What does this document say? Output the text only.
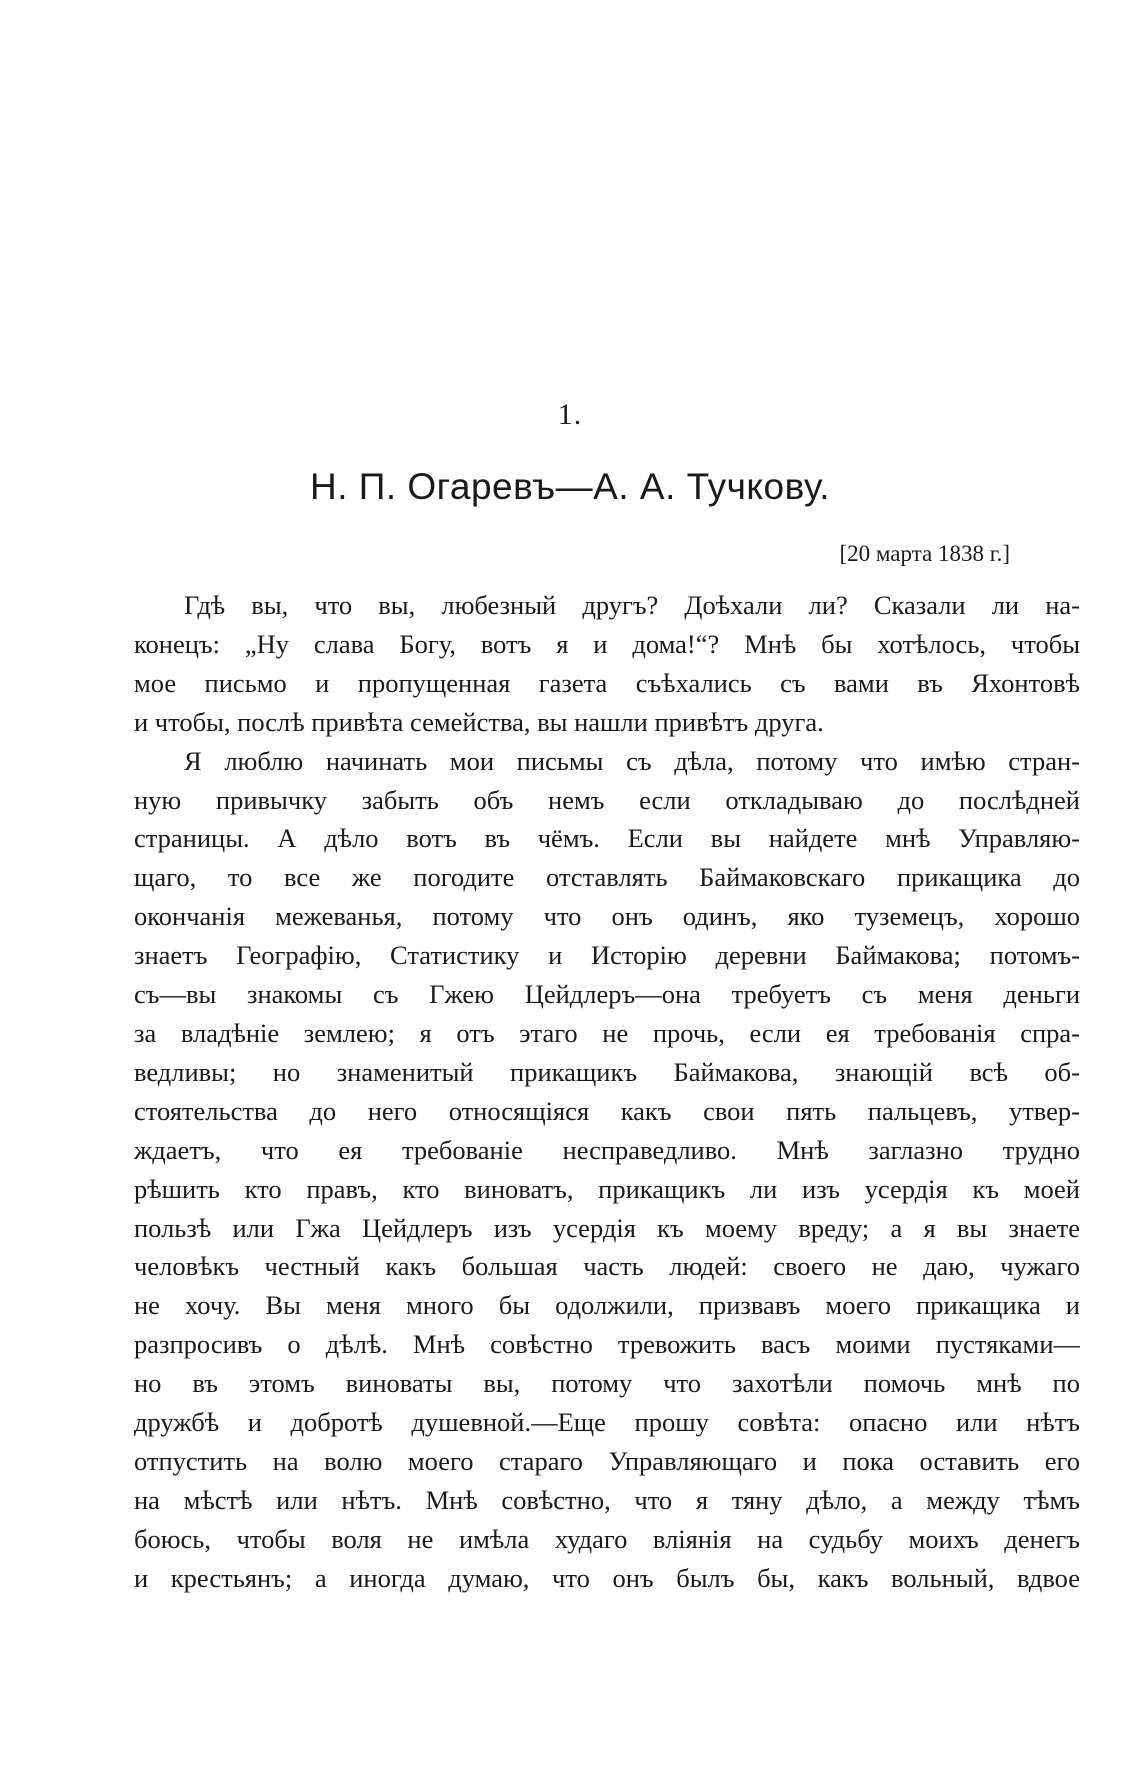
1.
Н. П. Огаревъ—А. А. Тучкову.
[20 марта 1838 г.]
Гдѣ вы, что вы, любезный другъ? Доѣхали ли? Сказали ли на-
конецъ: „Ну слава Богу, вотъ я и дома!“? Мнѣ бы хотѣлось, чтобы
мое письмо и пропущенная газета съѣхались съ вами въ Яхонтовѣ
и чтобы, послѣ привѣта семейства, вы нашли привѣтъ друга.
Я люблю начинать мои письмы съ дѣла, потому что имѣю стран-
ную привычку забыть объ немъ если откладываю до послѣдней
страницы. А дѣло вотъ въ чёмъ. Если вы найдете мнѣ Управляю-
щаго, то все же погодите отставлять Баймаковскаго прикащика до
окончанія межеванья, потому что онъ одинъ, яко туземецъ, хорошо
знаетъ Географію, Статистику и Исторію деревни Баймакова; потомъ-
съ—вы знакомы съ Гжею Цейдлеръ—она требуетъ съ меня деньги
за владѣніе землею; я отъ этаго не прочь, если ея требованія спра-
ведливы; но знаменитый прикащикъ Баймакова, знающій всѣ об-
стоятельства до него относящіяся какъ свои пять пальцевъ, утвер-
ждаетъ, что ея требованіе несправедливо. Мнѣ заглазно трудно
рѣшить кто правъ, кто виноватъ, прикащикъ ли изъ усердія къ моей
пользѣ или Гжа Цейдлеръ изъ усердія къ моему вреду; а я вы знаете
человѣкъ честный какъ большая часть людей: своего не даю, чужаго
не хочу. Вы меня много бы одолжили, призвавъ моего прикащика и
разпросивъ о дѣлѣ. Мнѣ совѣстно тревожить васъ моими пустяками—
но въ этомъ виноваты вы, потому что захотѣли помочь мнѣ по
дружбѣ и добротѣ душевной.—Еще прошу совѣта: опасно или нѣтъ
отпустить на волю моего стараго Управляющаго и пока оставить его
на мѣстѣ или нѣтъ. Мнѣ совѣстно, что я тяну дѣло, а между тѣмъ
боюсь, чтобы воля не имѣла худаго вліянія на судьбу моихъ денегъ
и крестьянъ; а иногда думаю, что онъ былъ бы, какъ вольный, вдвое
